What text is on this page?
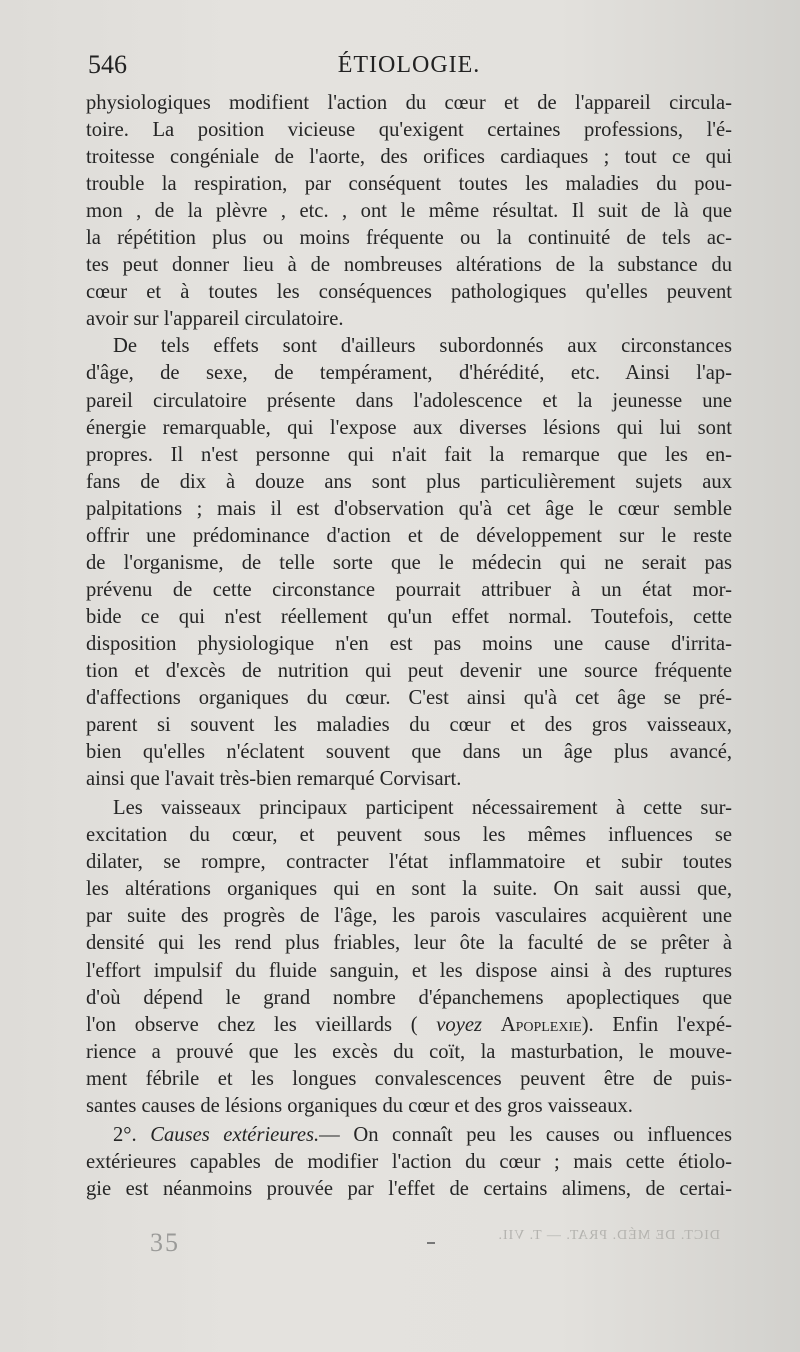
546	ÉTIOLOGIE.
physiologiques modifient l'action du cœur et de l'appareil circula-
toire. La position vicieuse qu'exigent certaines professions, l'é-
troitesse congéniale de l'aorte, des orifices cardiaques ; tout ce qui
trouble la respiration, par conséquent toutes les maladies du pou-
mon , de la plèvre , etc. , ont le même résultat. Il suit de là que
la répétition plus ou moins fréquente ou la continuité de tels ac-
tes peut donner lieu à de nombreuses altérations de la substance du
cœur et à toutes les conséquences pathologiques qu'elles peuvent
avoir sur l'appareil circulatoire.
De tels effets sont d'ailleurs subordonnés aux circonstances
d'âge, de sexe, de tempérament, d'hérédité, etc. Ainsi l'ap-
pareil circulatoire présente dans l'adolescence et la jeunesse une
énergie remarquable, qui l'expose aux diverses lésions qui lui sont
propres. Il n'est personne qui n'ait fait la remarque que les en-
fans de dix à douze ans sont plus particulièrement sujets aux
palpitations ; mais il est d'observation qu'à cet âge le cœur semble
offrir une prédominance d'action et de développement sur le reste
de l'organisme, de telle sorte que le médecin qui ne serait pas
prévenu de cette circonstance pourrait attribuer à un état mor-
bide ce qui n'est réellement qu'un effet normal. Toutefois, cette
disposition physiologique n'en est pas moins une cause d'irrita-
tion et d'excès de nutrition qui peut devenir une source fréquente
d'affections organiques du cœur. C'est ainsi qu'à cet âge se pré-
parent si souvent les maladies du cœur et des gros vaisseaux,
bien qu'elles n'éclatent souvent que dans un âge plus avancé,
ainsi que l'avait très-bien remarqué Corvisart.
Les vaisseaux principaux participent nécessairement à cette sur-
excitation du cœur, et peuvent sous les mêmes influences se
dilater, se rompre, contracter l'état inflammatoire et subir toutes
les altérations organiques qui en sont la suite. On sait aussi que,
par suite des progrès de l'âge, les parois vasculaires acquièrent une
densité qui les rend plus friables, leur ôte la faculté de se prêter à
l'effort impulsif du fluide sanguin, et les dispose ainsi à des ruptures
d'où dépend le grand nombre d'épanchemens apoplectiques que
l'on observe chez les vieillards ( voyez Apoplexie). Enfin l'expé-
rience a prouvé que les excès du coït, la masturbation, le mouve-
ment fébrile et les longues convalescences peuvent être de puis-
santes causes de lésions organiques du cœur et des gros vaisseaux.
2°. Causes extérieures.— On connaît peu les causes ou influences
extérieures capables de modifier l'action du cœur ; mais cette étiolo-
gie est néanmoins prouvée par l'effet de certains alimens, de certai-
35	DICT. DE MÉD. PRAT. — T. VII.
